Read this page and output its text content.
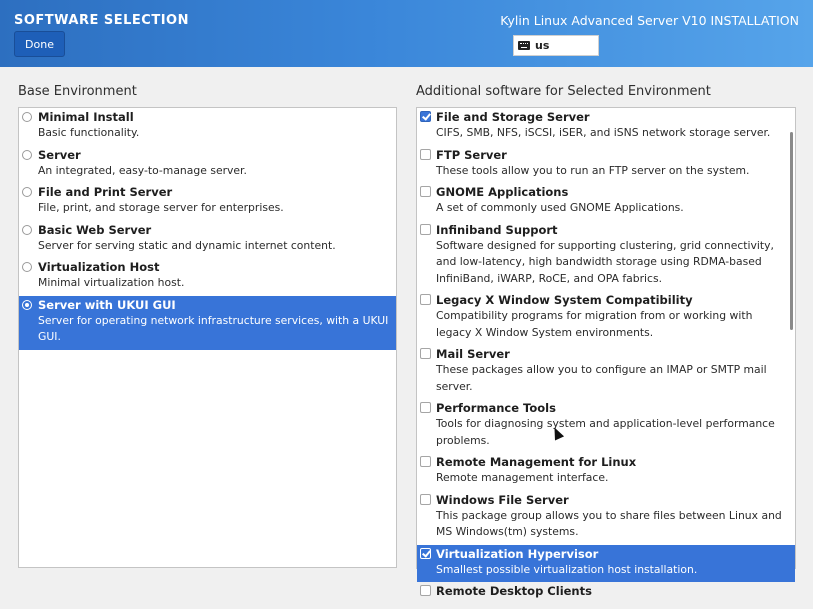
SOFTWARE SELECTION
Done
Kylin Linux Advanced Server V10 INSTALLATION
us
Base Environment	Additional software for Selected Environment
Minimal Install
Basic functionality.
Server
An integrated, easy-to-manage server.
File and Print Server
File, print, and storage server for enterprises.
Basic Web Server
Server for serving static and dynamic internet content.
Virtualization Host
Minimal virtualization host.
Server with UKUI GUI
Server for operating network infrastructure services, with a UKUI GUI.
File and Storage Server
CIFS, SMB, NFS, iSCSI, iSER, and iSNS network storage server.
FTP Server
These tools allow you to run an FTP server on the system.
GNOME Applications
A set of commonly used GNOME Applications.
Infiniband Support
Software designed for supporting clustering, grid connectivity, and low-latency, high bandwidth storage using RDMA-based InfiniBand, iWARP, RoCE, and OPA fabrics.
Legacy X Window System Compatibility
Compatibility programs for migration from or working with legacy X Window System environments.
Mail Server
These packages allow you to configure an IMAP or SMTP mail server.
Performance Tools
Tools for diagnosing system and application-level performance problems.
Remote Management for Linux
Remote management interface.
Windows File Server
This package group allows you to share files between Linux and MS Windows(tm) systems.
Virtualization Hypervisor
Smallest possible virtualization host installation.
Remote Desktop Clients
